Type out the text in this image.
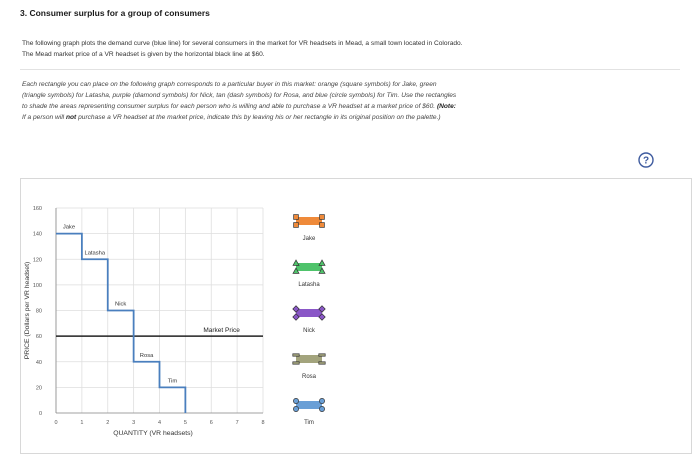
3. Consumer surplus for a group of consumers
The following graph plots the demand curve (blue line) for several consumers in the market for VR headsets in Mead, a small town located in Colorado.
The Mead market price of a VR headset is given by the horizontal black line at $60.
Each rectangle you can place on the following graph corresponds to a particular buyer in this market: orange (square symbols) for Jake, green
(triangle symbols) for Latasha, purple (diamond symbols) for Nick, tan (dash symbols) for Rosa, and blue (circle symbols) for Tim. Use the rectangles
to shade the areas representing consumer surplus for each person who is willing and able to purchase a VR headset at a market price of $60. (Note:
If a person will not purchase a VR headset at the market price, indicate this by leaving his or her rectangle in its original position on the palette.)
?
0	1	2	3	4	5	6	7	8
0
20
40
60
80
100
120
140
160
QUANTITY (VR headsets)
PRICE (Dollars per VR headset)	Market Price
Jake
Latasha
Nick
Rosa
Tim
Jake
Latasha
Nick
Rosa
Tim
